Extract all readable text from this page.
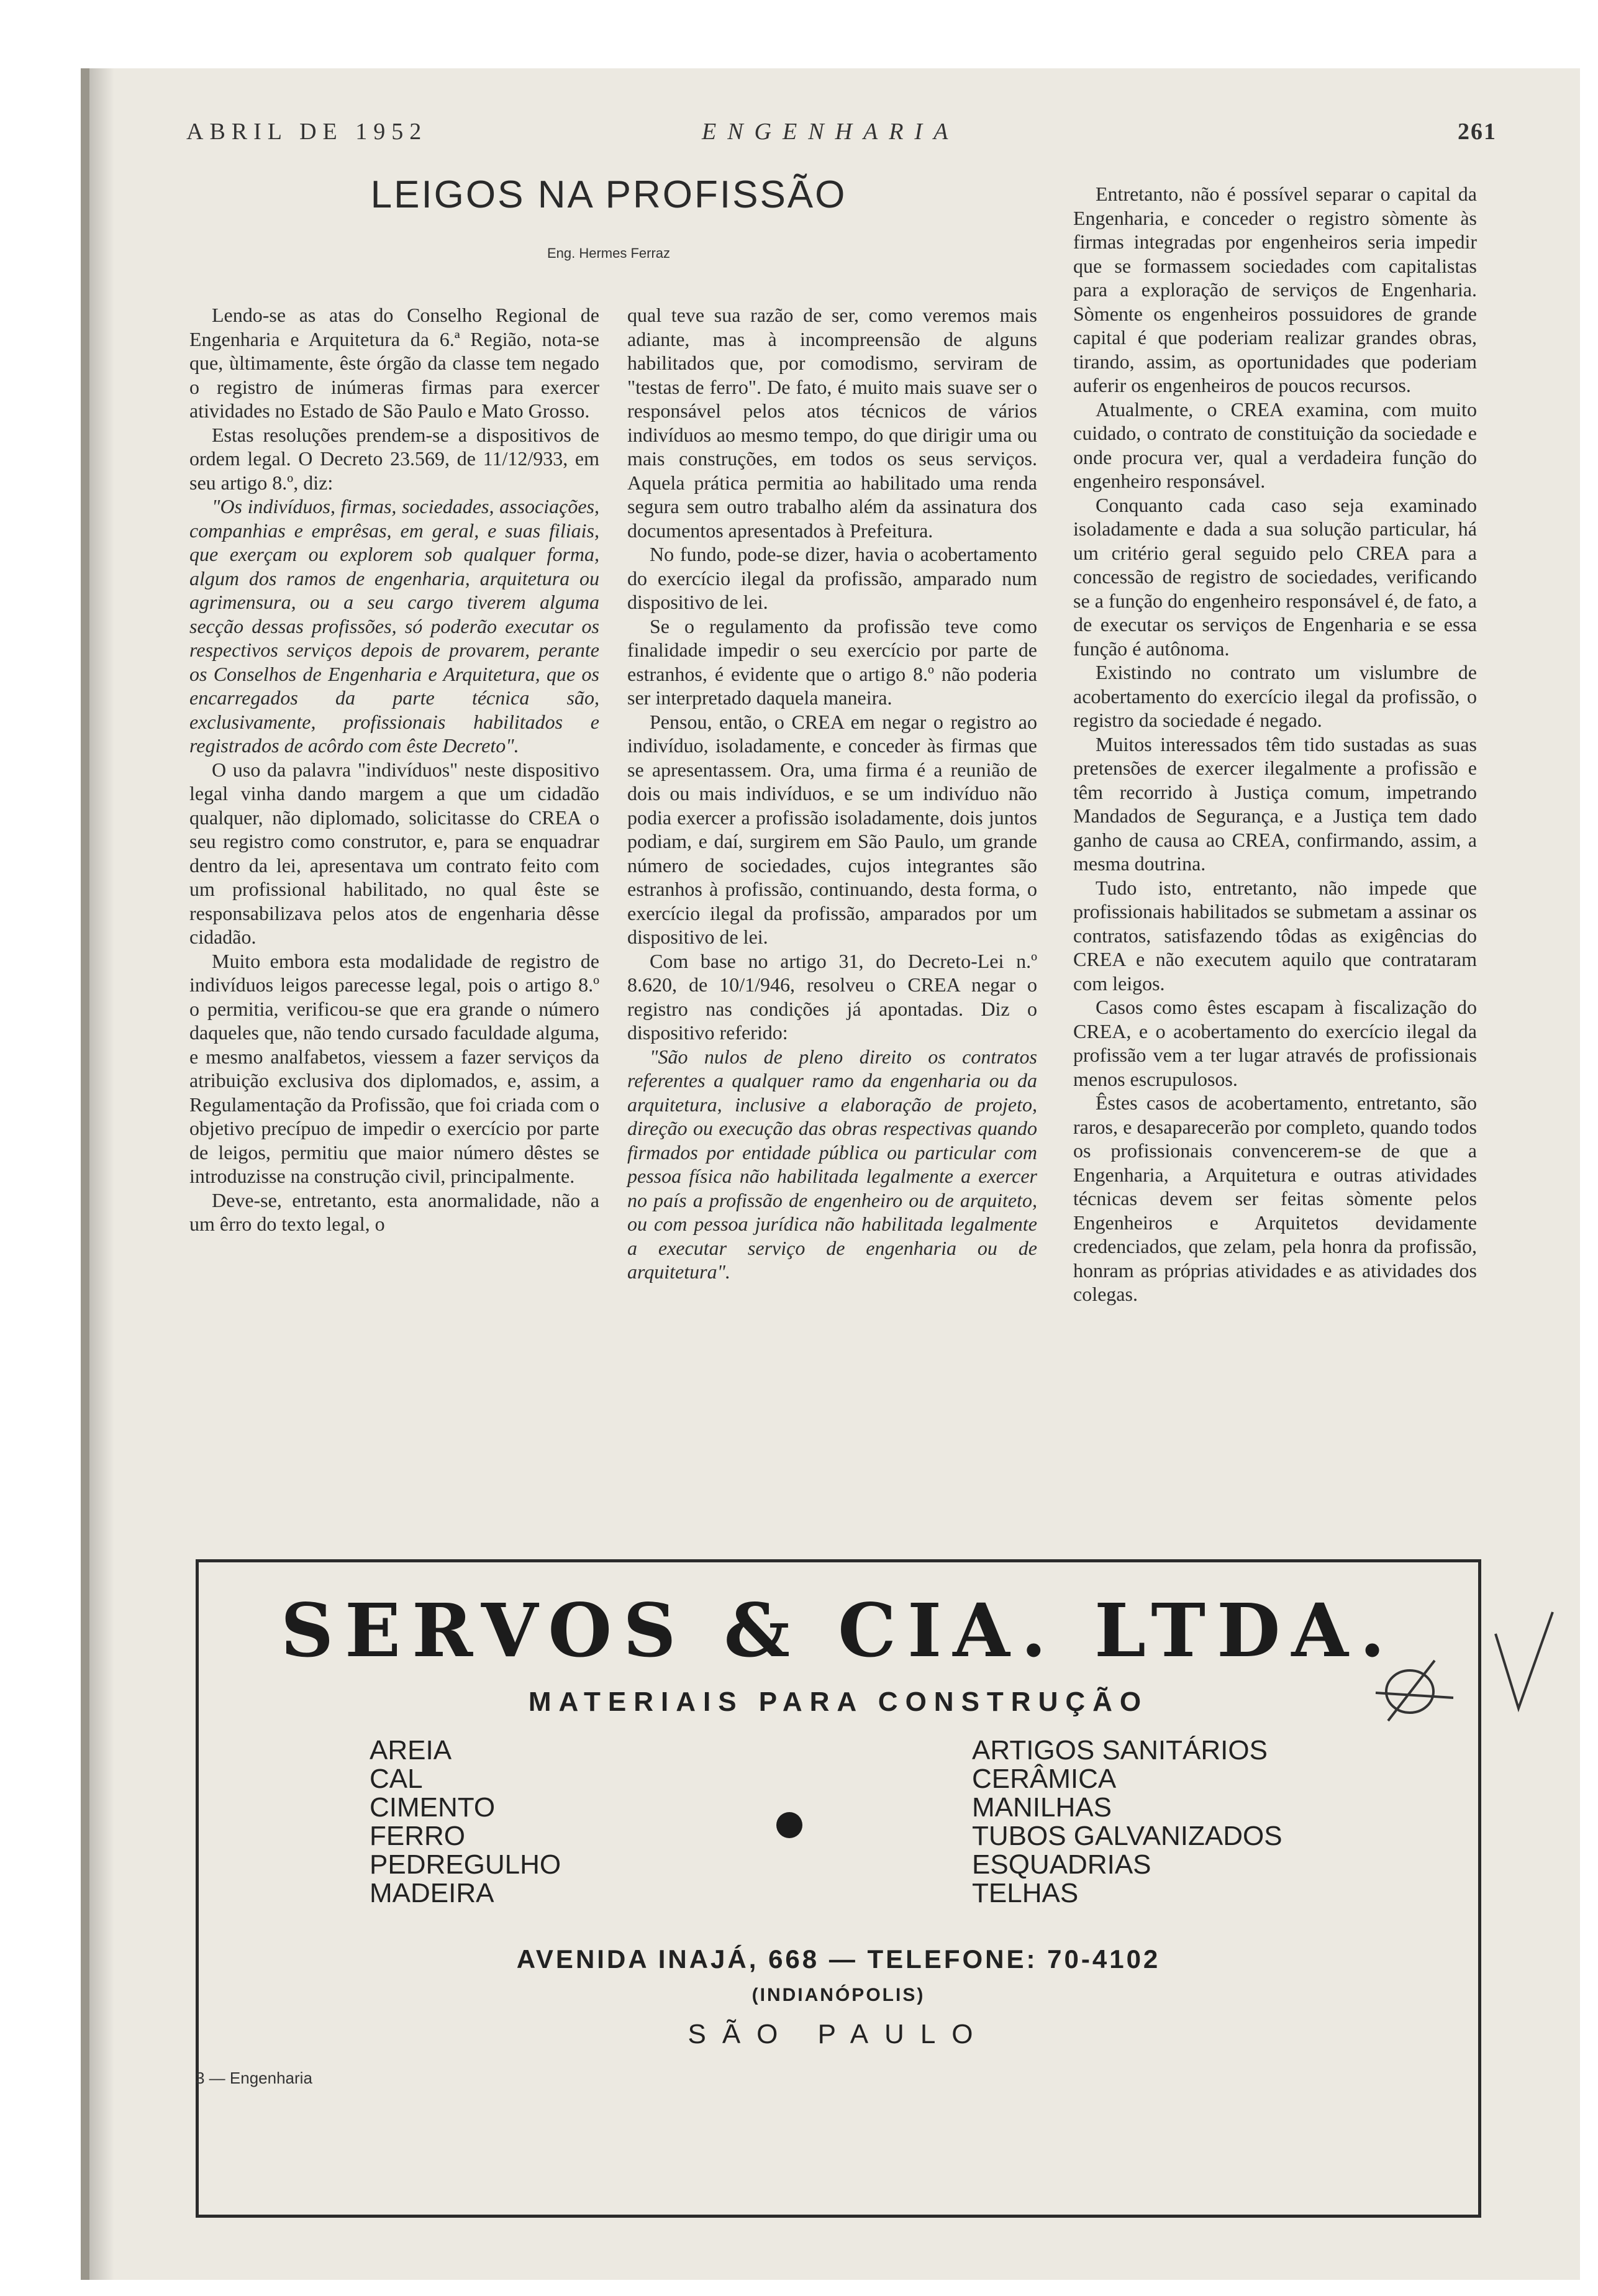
ABRIL DE 1952	ENGENHARIA	261
LEIGOS NA PROFISSÃO
Eng. Hermes Ferraz

Lendo-se as atas do Conselho Regional de Engenharia e Arquitetura da 6.ª Região, nota-se que, ùltimamente, êste órgão da classe tem negado o registro de inúmeras firmas para exercer atividades no Estado de São Paulo e Mato Grosso.

Estas resoluções prendem-se a dispositivos de ordem legal. O Decreto 23.569, de 11/12/933, em seu artigo 8.º, diz:

"Os indivíduos, firmas, sociedades, associações, companhias e emprêsas, em geral, e suas filiais, que exerçam ou explorem sob qualquer forma, algum dos ramos de engenharia, arquitetura ou agrimensura, ou a seu cargo tiverem alguma secção dessas profissões, só poderão executar os respectivos serviços depois de provarem, perante os Conselhos de Engenharia e Arquitetura, que os encarregados da parte técnica são, exclusivamente, profissionais habilitados e registrados de acôrdo com êste Decreto".

O uso da palavra "indivíduos" neste dispositivo legal vinha dando margem a que um cidadão qualquer, não diplomado, solicitasse do CREA o seu registro como construtor, e, para se enquadrar dentro da lei, apresentava um contrato feito com um profissional habilitado, no qual êste se responsabilizava pelos atos de engenharia dêsse cidadão.

Muito embora esta modalidade de registro de indivíduos leigos parecesse legal, pois o artigo 8.º o permitia, verificou-se que era grande o número daqueles que, não tendo cursado faculdade alguma, e mesmo analfabetos, viessem a fazer serviços da atribuição exclusiva dos diplomados, e, assim, a Regulamentação da Profissão, que foi criada com o objetivo precípuo de impedir o exercício por parte de leigos, permitiu que maior número dêstes se introduzisse na construção civil, principalmente.

Deve-se, entretanto, esta anormalidade, não a um êrro do texto legal, o

qual teve sua razão de ser, como veremos mais adiante, mas à incompreensão de alguns habilitados que, por comodismo, serviram de "testas de ferro". De fato, é muito mais suave ser o responsável pelos atos técnicos de vários indivíduos ao mesmo tempo, do que dirigir uma ou mais construções, em todos os seus serviços. Aquela prática permitia ao habilitado uma renda segura sem outro trabalho além da assinatura dos documentos apresentados à Prefeitura.

No fundo, pode-se dizer, havia o acobertamento do exercício ilegal da profissão, amparado num dispositivo de lei.

Se o regulamento da profissão teve como finalidade impedir o seu exercício por parte de estranhos, é evidente que o artigo 8.º não poderia ser interpretado daquela maneira.

Pensou, então, o CREA em negar o registro ao indivíduo, isoladamente, e conceder às firmas que se apresentassem. Ora, uma firma é a reunião de dois ou mais indivíduos, e se um indivíduo não podia exercer a profissão isoladamente, dois juntos podiam, e daí, surgirem em São Paulo, um grande número de sociedades, cujos integrantes são estranhos à profissão, continuando, desta forma, o exercício ilegal da profissão, amparados por um dispositivo de lei.

Com base no artigo 31, do Decreto-Lei n.º 8.620, de 10/1/946, resolveu o CREA negar o registro nas condições já apontadas. Diz o dispositivo referido:

"São nulos de pleno direito os contratos referentes a qualquer ramo da engenharia ou da arquitetura, inclusive a elaboração de projeto, direção ou execução das obras respectivas quando firmados por entidade pública ou particular com pessoa física não habilitada legalmente a exercer no país a profissão de engenheiro ou de arquiteto, ou com pessoa jurídica não habilitada legalmente a executar serviço de engenharia ou de arquitetura".

Entretanto, não é possível separar o capital da Engenharia, e conceder o registro sòmente às firmas integradas por engenheiros seria impedir que se formassem sociedades com capitalistas para a exploração de serviços de Engenharia. Sòmente os engenheiros possuidores de grande capital é que poderiam realizar grandes obras, tirando, assim, as oportunidades que poderiam auferir os engenheiros de poucos recursos.

Atualmente, o CREA examina, com muito cuidado, o contrato de constituição da sociedade e onde procura ver, qual a verdadeira função do engenheiro responsável.

Conquanto cada caso seja examinado isoladamente e dada a sua solução particular, há um critério geral seguido pelo CREA para a concessão de registro de sociedades, verificando se a função do engenheiro responsável é, de fato, a de executar os serviços de Engenharia e se essa função é autônoma.

Existindo no contrato um vislumbre de acobertamento do exercício ilegal da profissão, o registro da sociedade é negado.

Muitos interessados têm tido sustadas as suas pretensões de exercer ilegalmente a profissão e têm recorrido à Justiça comum, impetrando Mandados de Segurança, e a Justiça tem dado ganho de causa ao CREA, confirmando, assim, a mesma doutrina.

Tudo isto, entretanto, não impede que profissionais habilitados se submetam a assinar os contratos, satisfazendo tôdas as exigências do CREA e não executem aquilo que contrataram com leigos.

Casos como êstes escapam à fiscalização do CREA, e o acobertamento do exercício ilegal da profissão vem a ter lugar através de profissionais menos escrupulosos.

Êstes casos de acobertamento, entretanto, são raros, e desaparecerão por completo, quando todos os profissionais convencerem-se de que a Engenharia, a Arquitetura e outras atividades técnicas devem ser feitas sòmente pelos Engenheiros e Arquitetos devidamente credenciados, que zelam, pela honra da profissão, honram as próprias atividades e as atividades dos colegas.

SERVOS & CIA. LTDA.
MATERIAIS PARA CONSTRUÇÃO
AREIA
CAL
CIMENTO
FERRO
PEDREGULHO
MADEIRA
ARTIGOS SANITÁRIOS
CERÂMICA
MANILHAS
TUBOS GALVANIZADOS
ESQUADRIAS
TELHAS
AVENIDA INAJÁ, 668 — TELEFONE: 70-4102
(INDIANÓPOLIS)
SÃO PAULO
3 — Engenharia
